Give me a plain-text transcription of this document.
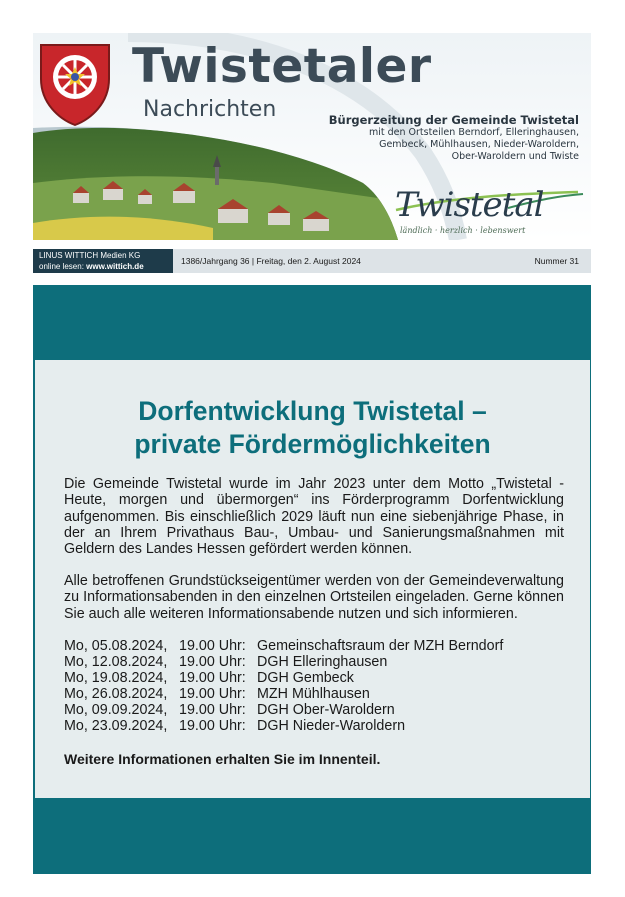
Twistetaler
Nachrichten	Bürgerzeitung der Gemeinde Twistetal
mit den Ortsteilen Berndorf, Elleringhausen,
Gembeck, Mühlhausen, Nieder-Waroldern,
Ober-Waroldern und Twiste
Twistetal
ländlich · herzlich · lebenswert
LINUS WITTICH Medien KG
online lesen: www.wittich.de
1386/Jahrgang 36 | Freitag, den 2. August 2024	Nummer 31
Dorfentwicklung Twistetal –
private Fördermöglichkeiten
Die Gemeinde Twistetal wurde im Jahr 2023 unter dem Motto „Twistetal - Heute, morgen und übermorgen“ ins Förderprogramm Dorfentwicklung aufgenommen. Bis einschließlich 2029 läuft nun eine siebenjährige Phase, in der an Ihrem Privathaus Bau-, Umbau- und Sanierungsmaßnahmen mit Geldern des Landes Hessen gefördert werden können.
Alle betroffenen Grundstückseigentümer werden von der Gemeindeverwaltung zu Informationsabenden in den einzelnen Ortsteilen eingeladen. Gerne können Sie auch alle weiteren Informationsabende nutzen und sich informieren.
Mo, 05.08.2024, 19.00 Uhr: Gemeinschaftsraum der MZH Berndorf
Mo, 12.08.2024, 19.00 Uhr: DGH Elleringhausen
Mo, 19.08.2024, 19.00 Uhr: DGH Gembeck
Mo, 26.08.2024, 19.00 Uhr: MZH Mühlhausen
Mo, 09.09.2024, 19.00 Uhr: DGH Ober-Waroldern
Mo, 23.09.2024, 19.00 Uhr: DGH Nieder-Waroldern
Weitere Informationen erhalten Sie im Innenteil.
